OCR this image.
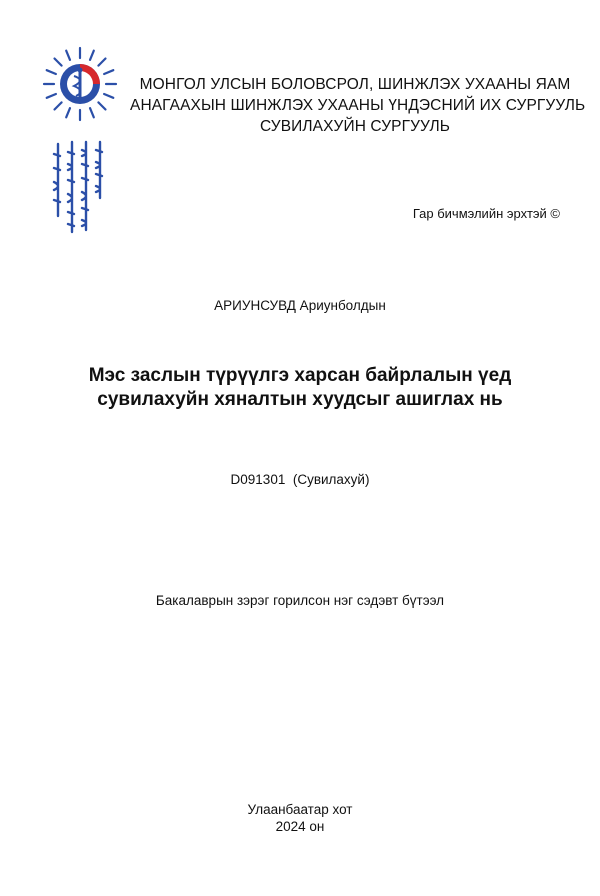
МОНГОЛ УЛСЫН БОЛОВСРОЛ, ШИНЖЛЭХ УХААНЫ ЯАМ
АНАГААХЫН ШИНЖЛЭХ УХААНЫ ҮНДЭСНИЙ ИХ СУРГУУЛЬ
СУВИЛАХУЙН СУРГУУЛЬ
Гар бичмэлийн эрхтэй ©
АРИУНСУВД Ариунболдын
Мэс заслын түрүүлгэ харсан байрлалын үед
сувилахуйн хяналтын хуудсыг ашиглах нь
D091301  (Сувилахуй)
Бакалаврын зэрэг горилсон нэг сэдэвт бүтээл
Улаанбаатар хот
2024 он
